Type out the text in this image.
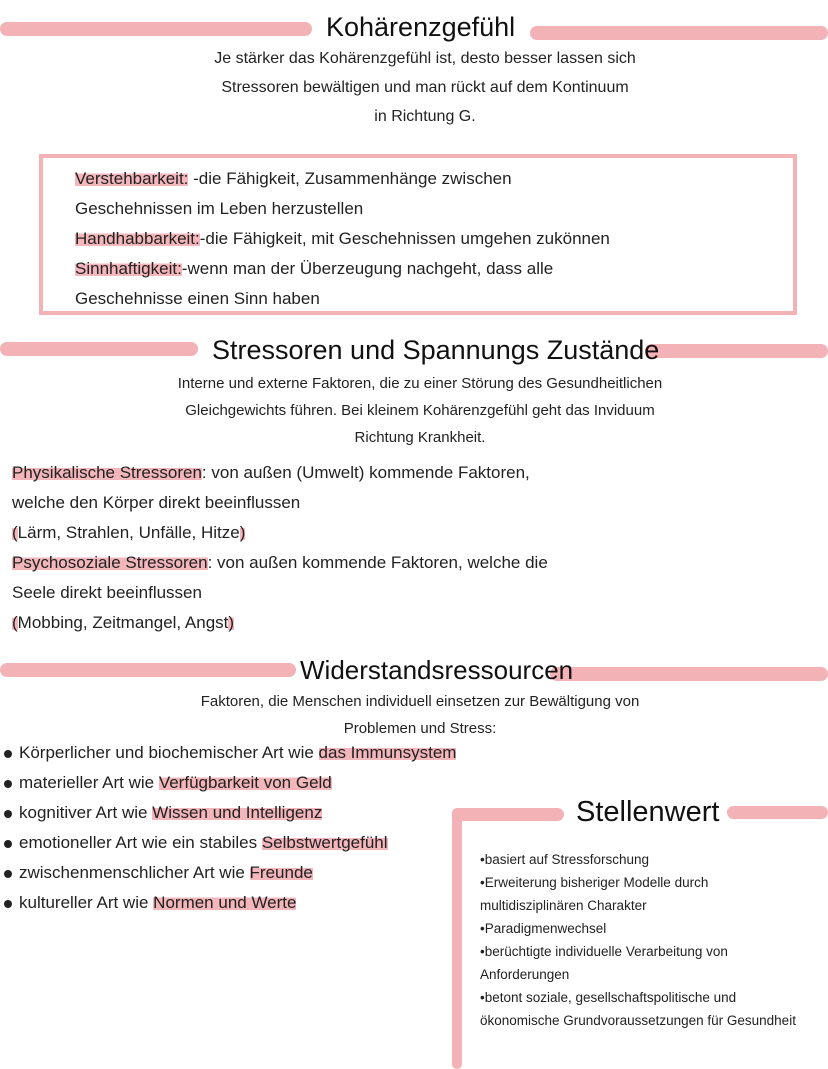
Kohärenzgefühl
Je stärker das Kohärenzgefühl ist, desto besser lassen sich
Stressoren bewältigen und man rückt auf dem Kontinuum
in Richtung G.
Verstehbarkeit: -die Fähigkeit, Zusammenhänge zwischen
Geschehnissen im Leben herzustellen
Handhabbarkeit:-die Fähigkeit, mit Geschehnissen umgehen zukönnen
Sinnhaftigkeit:-wenn man der Überzeugung nachgeht, dass alle
Geschehnisse einen Sinn haben
Stressoren und Spannungs Zustände
Interne und externe Faktoren, die zu einer Störung des Gesundheitlichen
Gleichgewichts führen. Bei kleinem Kohärenzgefühl geht das Inviduum
Richtung Krankheit.
Physikalische Stressoren: von außen (Umwelt) kommende Faktoren,
welche den Körper direkt beeinflussen
(Lärm, Strahlen, Unfälle, Hitze)
Psychosoziale Stressoren: von außen kommende Faktoren, welche die
Seele direkt beeinflussen
(Mobbing, Zeitmangel, Angst)
Widerstandsressourcen
Faktoren, die Menschen individuell einsetzen zur Bewältigung von
Problemen und Stress:
Körperlicher und biochemischer Art wie das Immunsystem
materieller Art wie Verfügbarkeit von Geld
kognitiver Art wie Wissen und Intelligenz
emotioneller Art wie ein stabiles Selbstwertgefühl
zwischenmenschlicher Art wie Freunde
kultureller Art wie Normen und Werte
Stellenwert
•basiert auf Stressforschung
•Erweiterung bisheriger Modelle durch
multidisziplinären Charakter
•Paradigmenwechsel
•berüchtigte individuelle Verarbeitung von
Anforderungen
•betont soziale, gesellschaftspolitische und
ökonomische Grundvoraussetzungen für Gesundheit
